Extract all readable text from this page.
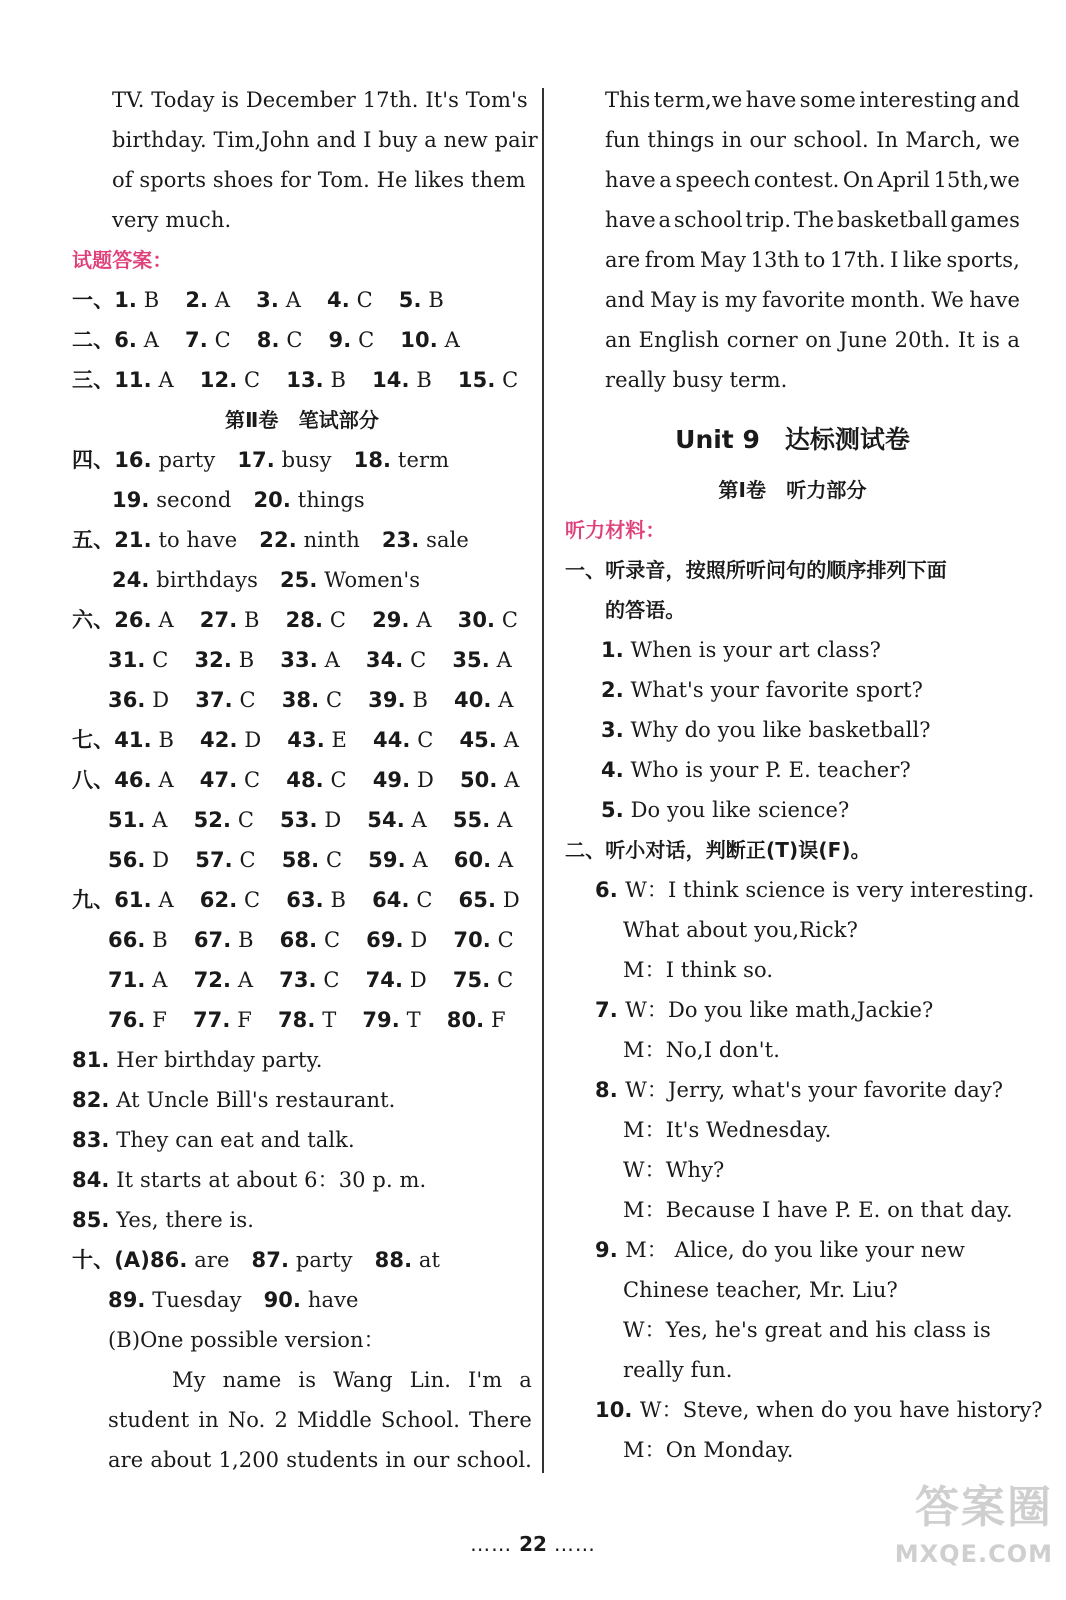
TV. Today is December 17th. It's Tom's
birthday. Tim,John and I buy a new pair
of sports shoes for Tom. He likes them
very much.
试题答案：
一、1. B 2. A 3. A 4. C 5. B
二、6. A 7. C 8. C 9. C 10. A
三、11. A 12. C 13. B 14. B 15. C
第Ⅱ卷　笔试部分
四、16. party 17. busy 18. term
19. second 20. things
五、21. to have 22. ninth 23. sale
24. birthdays 25. Women's
六、26. A 27. B 28. C 29. A 30. C
31. C 32. B 33. A 34. C 35. A
36. D 37. C 38. C 39. B 40. A
七、41. B 42. D 43. E 44. C 45. A
八、46. A 47. C 48. C 49. D 50. A
51. A 52. C 53. D 54. A 55. A
56. D 57. C 58. C 59. A 60. A
九、61. A 62. C 63. B 64. C 65. D
66. B 67. B 68. C 69. D 70. C
71. A 72. A 73. C 74. D 75. C
76. F 77. F 78. T 79. T 80. F
81. Her birthday party.
82. At Uncle Bill's restaurant.
83. They can eat and talk.
84. It starts at about 6：30 p. m.
85. Yes, there is.
十、(A)86. are 87. party 88. at
89. Tuesday 90. have
(B)One possible version：
My name is Wang Lin. I'm a
student in No. 2 Middle School. There
are about 1,200 students in our school.
This term,we have some interesting and
fun things in our school. In March, we
have a speech contest. On April 15th,we
have a school trip. The basketball games
are from May 13th to 17th. I like sports,
and May is my favorite month. We have
an English corner on June 20th. It is a
really busy term.
Unit 9　达标测试卷
第Ⅰ卷　听力部分
听力材料：
一、听录音，按照所听问句的顺序排列下面
的答语。
1. When is your art class?
2. What's your favorite sport?
3. Why do you like basketball?
4. Who is your P. E. teacher?
5. Do you like science?
二、听小对话，判断正(T)误(F)。
6. W：I think science is very interesting.
What about you,Rick?
M：I think so.
7. W：Do you like math,Jackie?
M：No,I don't.
8. W：Jerry, what's your favorite day?
M：It's Wednesday.
W：Why?
M：Because I have P. E. on that day.
9. M： Alice, do you like your new
Chinese teacher, Mr. Liu?
W：Yes, he's great and his class is
really fun.
10. W：Steve, when do you have history?
M：On Monday.
…… 22 ……
答案圈
MXQE.COM
